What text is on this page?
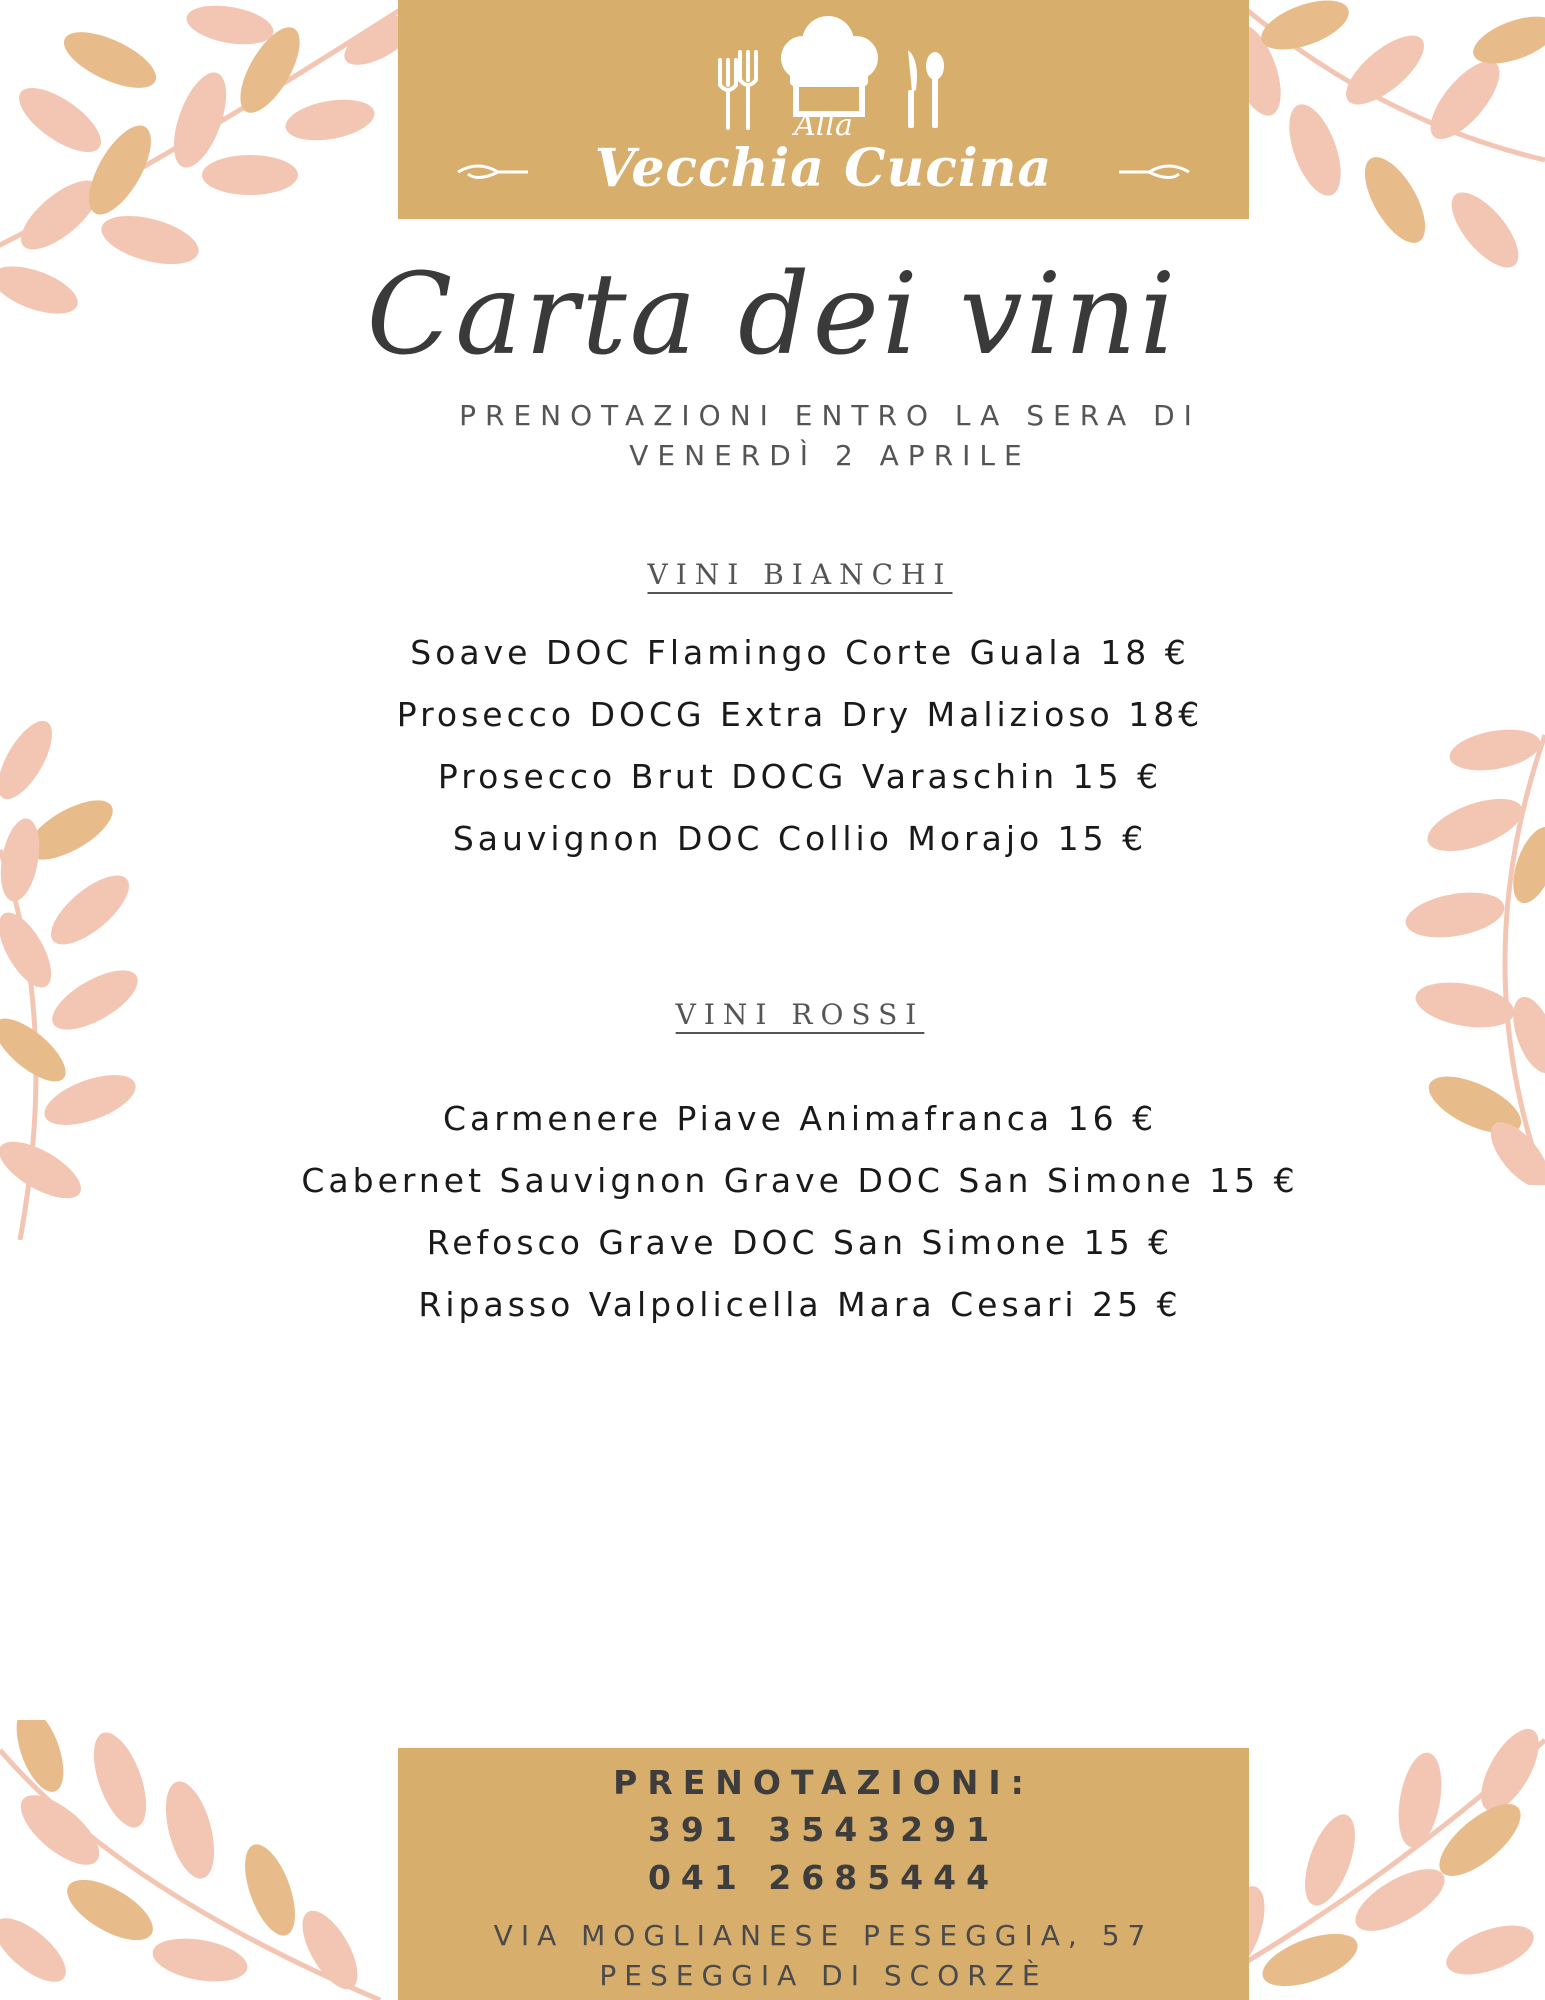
Alla
Vecchia Cucina
Carta dei vini
PRENOTAZIONI ENTRO LA SERA DI
VENERDÌ 2 APRILE
VINI BIANCHI
Soave DOC Flamingo Corte Guala 18 €
Prosecco DOCG Extra Dry Malizioso 18€
Prosecco Brut DOCG Varaschin 15 €
Sauvignon DOC Collio Morajo 15 €
VINI ROSSI
Carmenere Piave Animafranca 16 €
Cabernet Sauvignon Grave DOC San Simone 15 €
Refosco Grave DOC San Simone 15 €
Ripasso Valpolicella Mara Cesari 25 €
PRENOTAZIONI:
391 3543291
041 2685444
VIA MOGLIANESE PESEGGIA, 57
PESEGGIA DI SCORZÈ
